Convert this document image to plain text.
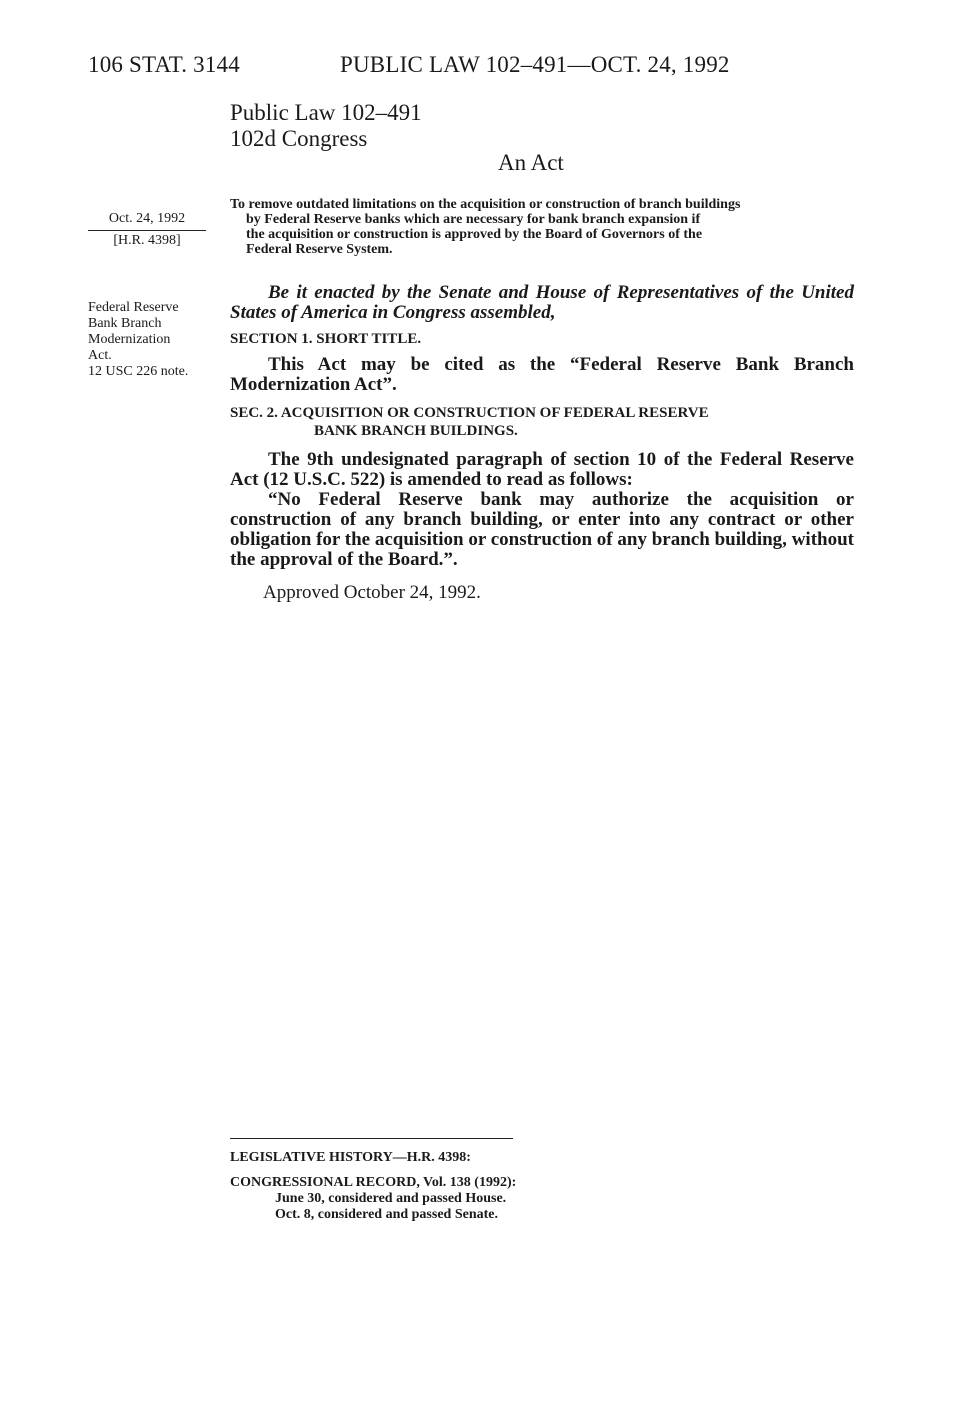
106 STAT. 3144	PUBLIC LAW 102–491—OCT. 24, 1992
Public Law 102–491
102d Congress
An Act
Oct. 24, 1992
[H.R. 4398]
Federal Reserve
Bank Branch
Modernization
Act.
12 USC 226 note.
To remove outdated limitations on the acquisition or construction of branch buildings
by Federal Reserve banks which are necessary for bank branch expansion if
the acquisition or construction is approved by the Board of Governors of the
Federal Reserve System.
Be it enacted by the Senate and House of Representatives of the United States of America in Congress assembled,
SECTION 1. SHORT TITLE.
This Act may be cited as the “Federal Reserve Bank Branch Modernization Act”.
SEC. 2. ACQUISITION OR CONSTRUCTION OF FEDERAL RESERVE
BANK BRANCH BUILDINGS.
The 9th undesignated paragraph of section 10 of the Federal Reserve Act (12 U.S.C. 522) is amended to read as follows:
“No Federal Reserve bank may authorize the acquisition or construction of any branch building, or enter into any contract or other obligation for the acquisition or construction of any branch building, without the approval of the Board.”.
Approved October 24, 1992.
LEGISLATIVE HISTORY—H.R. 4398:
CONGRESSIONAL RECORD, Vol. 138 (1992):
June 30, considered and passed House.
Oct. 8, considered and passed Senate.
